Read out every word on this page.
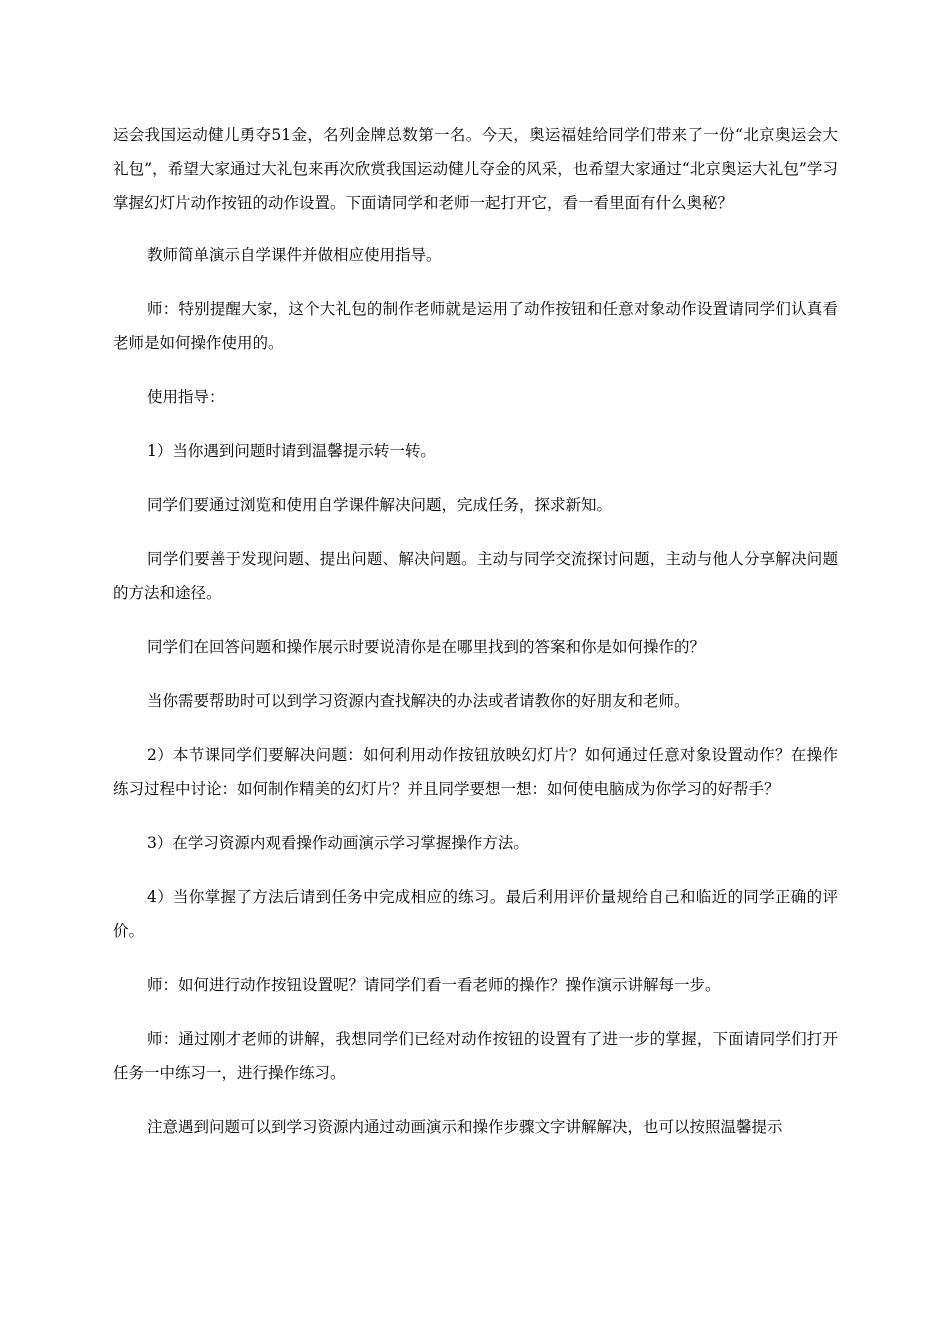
运会我国运动健儿勇夺51金，名列金牌总数第一名。今天，奥运福娃给同学们带来了一份“北京奥运会大礼包”，希望大家通过大礼包来再次欣赏我国运动健儿夺金的风采，也希望大家通过“北京奥运大礼包”学习掌握幻灯片动作按钮的动作设置。下面请同学和老师一起打开它，看一看里面有什么奥秘？

教师简单演示自学课件并做相应使用指导。

师：特别提醒大家，这个大礼包的制作老师就是运用了动作按钮和任意对象动作设置请同学们认真看老师是如何操作使用的。

使用指导：

1）当你遇到问题时请到温馨提示转一转。

同学们要通过浏览和使用自学课件解决问题，完成任务，探求新知。

同学们要善于发现问题、提出问题、解决问题。主动与同学交流探讨问题，主动与他人分享解决问题的方法和途径。

同学们在回答问题和操作展示时要说清你是在哪里找到的答案和你是如何操作的？

当你需要帮助时可以到学习资源内查找解决的办法或者请教你的好朋友和老师。

2）本节课同学们要解决问题：如何利用动作按钮放映幻灯片？如何通过任意对象设置动作？在操作练习过程中讨论：如何制作精美的幻灯片？并且同学要想一想：如何使电脑成为你学习的好帮手？

3）在学习资源内观看操作动画演示学习掌握操作方法。

4）当你掌握了方法后请到任务中完成相应的练习。最后利用评价量规给自己和临近的同学正确的评价。

师：如何进行动作按钮设置呢？请同学们看一看老师的操作？操作演示讲解每一步。

师：通过刚才老师的讲解，我想同学们已经对动作按钮的设置有了进一步的掌握，下面请同学们打开任务一中练习一，进行操作练习。

注意遇到问题可以到学习资源内通过动画演示和操作步骤文字讲解解决，也可以按照温馨提示
